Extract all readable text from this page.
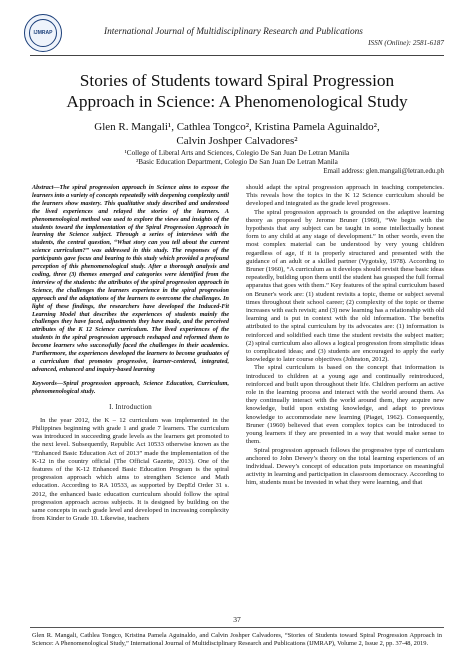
IJMRAP	International Journal of Multidisciplinary Research and Publications
ISSN (Online): 2581-6187
Stories of Students toward Spiral Progression
Approach in Science: A Phenomenological Study
Glen R. Mangali¹, Cathlea Tongco², Kristina Pamela Aguinaldo²,
Calvin Joshper Calvadores²
¹College of Liberal Arts and Sciences, Colegio De San Juan De Letran Manila
²Basic Education Department, Colegio De San Juan De Letran Manila
Email address: glen.mangali@letran.edu.ph

Abstract—The spiral progression approach in Science aims to expose the learners into a variety of concepts repeatedly with deepening complexity until the learners show mastery. This qualitative study described and understood the lived experiences and relayed the stories of the learners. A phenomenological method was used to explore the views and insights of the students toward the implementation of the Spiral Progression Approach in learning the Science subject. Through a series of interviews with the students, the central question, “What story can you tell about the current science curriculum?” was addressed in this study. The responses of the participants gave focus and bearing to this study which provided a profound perception of this phenomenological study. After a thorough analysis and coding, three (3) themes emerged and categories were identified from the interview of the students: the attributes of the spiral progression approach in Science, the challenges the learners experience in the spiral progression approach and the adaptations of the learners to overcome the challenges. In light of these findings, the researchers have developed the Induced-Fit Learning Model that describes the experiences of students mainly the challenges they have faced, adjustments they have made, and the perceived attributes of the K 12 Science curriculum. The lived experiences of the students in the spiral progression approach reshaped and reformed them to become learners who successfully faced the challenges in their academics. Furthermore, the experiences developed the learners to become graduates of a curriculum that promotes progressive, learner-centered, integrated, advanced, enhanced and inquiry-based learning

Keywords—Spiral progression approach, Science Education, Curriculum, phenomenological study.

I. Introduction

In the year 2012, the K – 12 curriculum was implemented in the Philippines beginning with grade 1 and grade 7 learners. The curriculum was introduced in succeeding grade levels as the learners get promoted to the next level. Subsequently, Republic Act 10533 otherwise known as the “Enhanced Basic Education Act of 2013” made the implementation of the K-12 in the country official (The Official Gazette, 2013). One of the features of the K-12 Enhanced Basic Education Program is the spiral progression approach which aims to strengthen Science and Math education. According to RA 10533, as supported by DepEd Order 31 s. 2012, the enhanced basic education curriculum should follow the spiral progression approach across subjects. It is designed by building on the same concepts in each grade level and developed in increasing complexity from Kinder to Grade 10. Likewise, teachers

should adapt the spiral progression approach in teaching competencies. This reveals how the topics in the K 12 Science curriculum should be developed and integrated as the grade level progresses.

The spiral progression approach is grounded on the adaptive learning theory as proposed by Jerome Bruner (1960), “We begin with the hypothesis that any subject can be taught in some intellectually honest form to any child at any stage of development.” In other words, even the most complex material can be understood by very young children regardless of age, if it is properly structured and presented with the guidance of an adult or a skilled partner (Vygotsky, 1978). According to Bruner (1960), “A curriculum as it develops should revisit these basic ideas repeatedly, building upon them until the student has grasped the full formal apparatus that goes with them.” Key features of the spiral curriculum based on Bruner's work are: (1) student revisits a topic, theme or subject several times throughout their school career; (2) complexity of the topic or theme increases with each revisit; and (3) new learning has a relationship with old learning and is put in context with the old information. The benefits attributed to the spiral curriculum by its advocates are: (1) information is reinforced and solidified each time the student revisits the subject matter; (2) spiral curriculum also allows a logical progression from simplistic ideas to complicated ideas; and (3) students are encouraged to apply the early knowledge to later course objectives (Johnston, 2012).

The spiral curriculum is based on the concept that information is introduced to children at a young age and continually reintroduced, reinforced and built upon throughout their life. Children perform an active role in the learning process and interact with the world around them. As they continually interact with the world around them, they acquire new knowledge, build upon existing knowledge, and adapt to previous knowledge to accommodate new learning (Piaget, 1962). Consequently, Bruner (1960) believed that even complex topics can be introduced to young learners if they are presented in a way that would make sense to them.

Spiral progression approach follows the progressive type of curriculum anchored to John Dewey’s theory on the total learning experiences of an individual. Dewey’s concept of education puts importance on meaningful activity in learning and participation in classroom democracy. According to him, students must be invested in what they were learning, and that

37
Glen R. Mangali, Cathlea Tongco, Kristina Pamela Aguinaldo, and Calvin Joshper Calvadores, “Stories of Students toward Spiral Progression Approach in Science: A Phenomenological Study,” International Journal of Multidisciplinary Research and Publications (IJMRAP), Volume 2, Issue 2, pp. 37-48, 2019.
